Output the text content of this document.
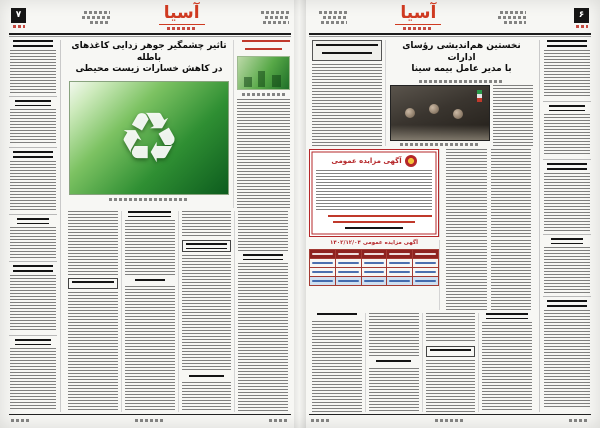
آسیا
۷
تاثیر چشمگیر جوهر زدایی کاغذهای باطله
در کاهش خسارات زیست محیطی
♻
۶
آسیا
نخستین هم‌اندیشی رؤسای ادارات
با مدیر عامل بیمه سینا
آگهی مزایده عمومی
آگهی مزایده عمومی ۱۴۰۲/۱۲/۰۴
